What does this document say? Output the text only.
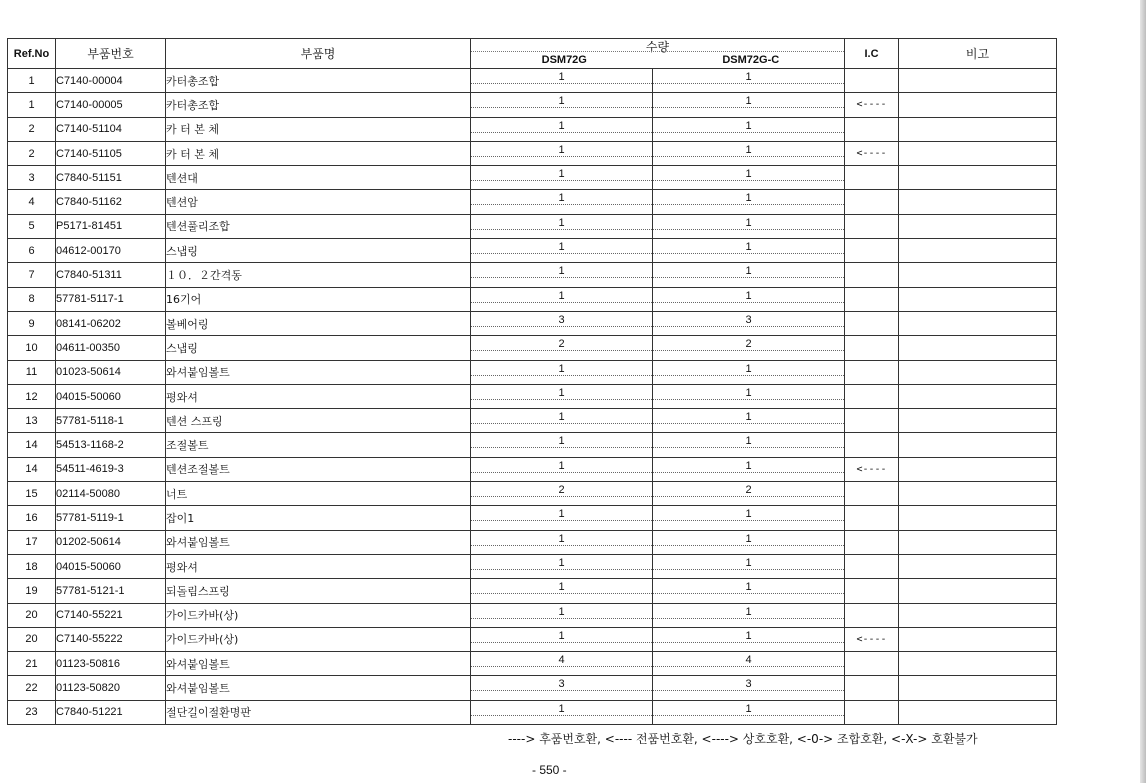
Ref.No	부품번호	부품명	수량
DSM72G DSM72G-C		I.C	비고
1	C7140-00004	카터총조합	1	1		

1	C7140-00005	카터총조합	1	1	<----	
2	C7140-51104	카 터 본 체	1	1		

2	C7140-51105	카 터 본 체	1	1	<----	
3	C7840-51151	텐션대	1	1		

4	C7840-51162	텐션암	1	1		

5	P5171-81451	텐션풀리조합	1	1		

6	04612-00170	스냅링	1	1		

7	C7840-51311	１０．２간격동	1	1		

8	57781-5117-1	16기어	1	1		

9	08141-06202	볼베어링	3	3		

10	04611-00350	스냅링	2	2		

11	01023-50614	와셔붙임볼트	1	1		

12	04015-50060	평와셔	1	1		

13	57781-5118-1	텐션 스프링	1	1		

14	54513-1168-2	조절볼트	1	1		

14	54511-4619-3	텐션조절볼트	1	1	<----	
15	02114-50080	너트	2	2		

16	57781-5119-1	잡이1	1	1		

17	01202-50614	와셔붙임볼트	1	1		

18	04015-50060	평와셔	1	1		

19	57781-5121-1	되돌림스프링	1	1		

20	C7140-55221	가이드카바(상)	1	1		

20	C7140-55222	가이드카바(상)	1	1	<----	
21	01123-50816	와셔붙임볼트	4	4		

22	01123-50820	와셔붙임볼트	3	3		

23	C7840-51221	절단길이절환명판	1	1		

----> 후품번호환, <---- 전품번호환, <----> 상호호환, <-0-> 조합호환, <-X-> 호환불가
- 550 -
